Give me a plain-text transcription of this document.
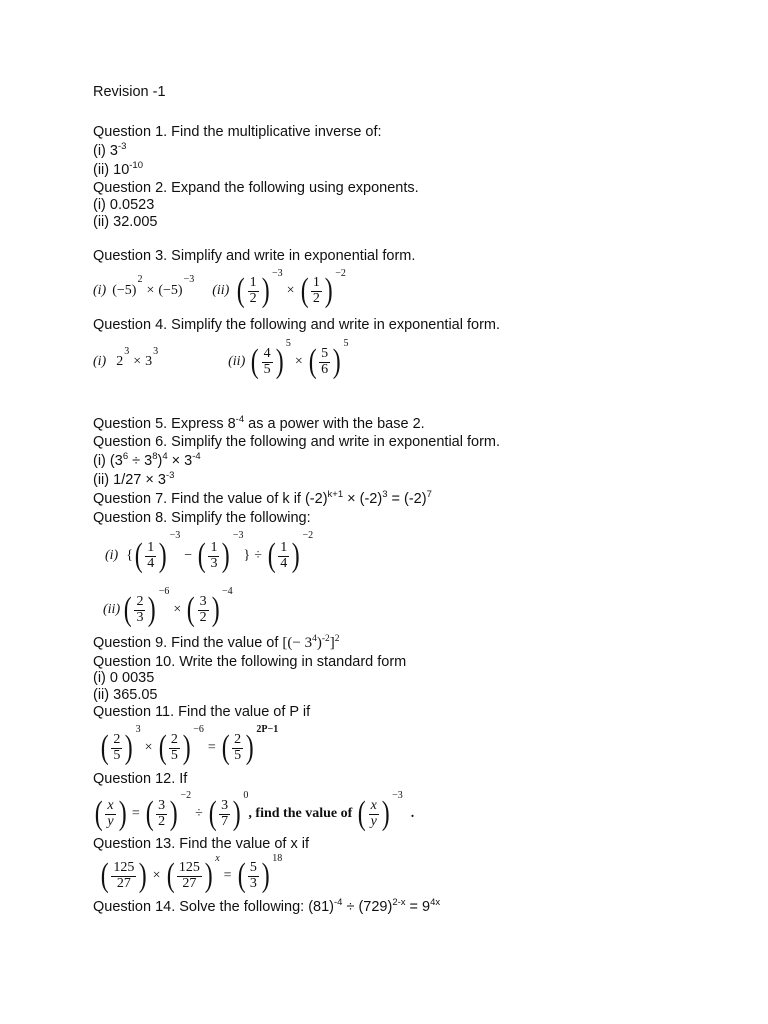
Revision -1
Question 1. Find the multiplicative inverse of:
(i) $3^{-3}$
(ii) $10^{-10}$
Question 2. Expand the following using exponents.
(i) 0.0523
(ii) 32.005
Question 3. Simplify and write in exponential form.
(i) (−5)
2
× (−5)
−3
(ii) ( $\frac{1}{2}$ ) −3
× ( $\frac{1}{2}$ ) −2
Question 4. Simplify the following and write in exponential form.
(i) 2
3
× 3
3
(ii) ( $\frac{4}{5}$ ) 5
× ( $\frac{5}{6}$ ) 5
Question 5. Express $8^{-4}$ as a power with the base 2.
Question 6. Simplify the following and write in exponential form.
(i) $(3^6 \div 3^8)^4 \times 3^{-4}$
(ii) $1/27 \times 3^{-3}$
Question 7. Find the value of k if $(-2)^{k+1} \times (-2)^3 = (-2)^7$
Question 8. Simplify the following:
(i) { ( $\frac{1}{4}$ )
−3
− ( $\frac{1}{3}$ )
−3
} ÷ ( $\frac{1}{4}$ )
−2
(ii) ( $\frac{2}{3}$ ) −6
× ( $\frac{3}{2}$ ) −4
Question 9. Find the value of [(− $3^4)^{-2}]^2$
Question 10. Write the following in standard form
(i) 0 0035
(ii) 365.05
Question 11. Find the value of P if
( $\frac{2}{5}$ ) 3
× ( $\frac{2}{5}$ ) −6
= ( $\frac{2}{5}$ ) 2P−1
Question 12. If
( $\frac{x}{y}$ ) = ( $\frac{3}{2}$ ) −2
÷ ( $\frac{3}{7}$ ) 0
, find the value of ( $\frac{x}{y}$ ) −3
.
Question 13. Find the value of x if
( $\frac{125}{27}$ ) × ( $\frac{125}{27}$ ) x
= ( $\frac{5}{3}$ ) 18
Question 14. Solve the following: $(81)^{-4} \div (729)^{2-x} = 9^{4x}$
